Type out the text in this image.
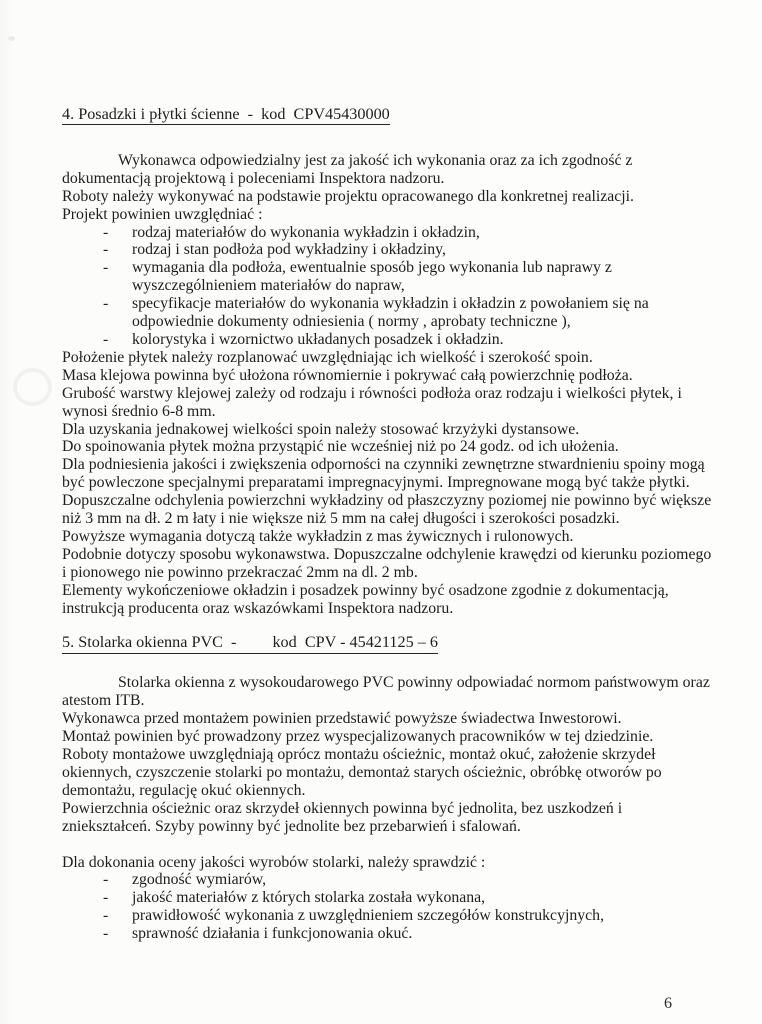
4. Posadzki i płytki ścienne  -  kod  CPV45430000

Wykonawca odpowiedzialny jest za jakość ich wykonania oraz za ich zgodność z dokumentacją projektową i poleceniami Inspektora nadzoru.

Roboty należy wykonywać na podstawie projektu opracowanego dla konkretnej realizacji.

Projekt powinien uwzględniać :

-	rodzaj materiałów do wykonania wykładzin i okładzin,
-	rodzaj i stan podłoża pod wykładziny i okładziny,
-	wymagania dla podłoża, ewentualnie sposób jego wykonania lub naprawy z wyszczególnieniem materiałów do napraw,
-	specyfikacje materiałów do wykonania wykładzin i okładzin z powołaniem się na odpowiednie dokumenty odniesienia ( normy , aprobaty techniczne ),
-	kolorystyka i wzornictwo układanych posadzek i okładzin.

Położenie płytek należy rozplanować uwzględniając ich wielkość i szerokość spoin.

Masa klejowa powinna być ułożona równomiernie i pokrywać całą powierzchnię podłoża.

Grubość warstwy klejowej zależy od rodzaju i równości podłoża oraz rodzaju i wielkości płytek, i wynosi średnio 6-8 mm.

Dla uzyskania jednakowej wielkości spoin należy stosować krzyżyki dystansowe.

Do spoinowania płytek można przystąpić nie wcześniej niż po 24 godz. od ich ułożenia.

Dla podniesienia jakości i zwiększenia odporności na czynniki zewnętrzne stwardnieniu spoiny mogą być powleczone specjalnymi preparatami impregnacyjnymi. Impregnowane mogą być także płytki.

Dopuszczalne odchylenia powierzchni wykładziny od płaszczyzny poziomej nie powinno być większe niż 3 mm na dł. 2 m łaty i nie większe niż 5 mm na całej długości i szerokości posadzki.

Powyższe wymagania dotyczą także wykładzin z mas żywicznych i rulonowych.

Podobnie dotyczy sposobu wykonawstwa. Dopuszczalne odchylenie krawędzi od kierunku poziomego i pionowego nie powinno przekraczać 2mm na dl. 2 mb.

Elementy wykończeniowe okładzin i posadzek powinny być osadzone zgodnie z dokumentacją, instrukcją producenta oraz wskazówkami Inspektora nadzoru.

5. Stolarka okienna PVC  - kod  CPV - 45421125 – 6

Stolarka okienna z wysokoudarowego PVC powinny odpowiadać normom państwowym oraz atestom ITB.

Wykonawca przed montażem powinien przedstawić powyższe świadectwa Inwestorowi.

Montaż powinien być prowadzony przez wyspecjalizowanych pracowników w tej dziedzinie.

Roboty montażowe uwzględniają oprócz montażu ościeżnic, montaż okuć, założenie skrzydeł okiennych, czyszczenie stolarki po montażu, demontaż starych ościeżnic, obróbkę otworów po demontażu, regulację okuć okiennych.

Powierzchnia ościeżnic oraz skrzydeł okiennych powinna być jednolita, bez uszkodzeń i zniekształceń. Szyby powinny być jednolite bez przebarwień i sfalowań.

Dla dokonania oceny jakości wyrobów stolarki, należy sprawdzić :

-	zgodność wymiarów,
-	jakość materiałów z których stolarka została wykonana,
-	prawidłowość wykonania z uwzględnieniem szczegółów konstrukcyjnych,
-	sprawność działania i funkcjonowania okuć.
6
